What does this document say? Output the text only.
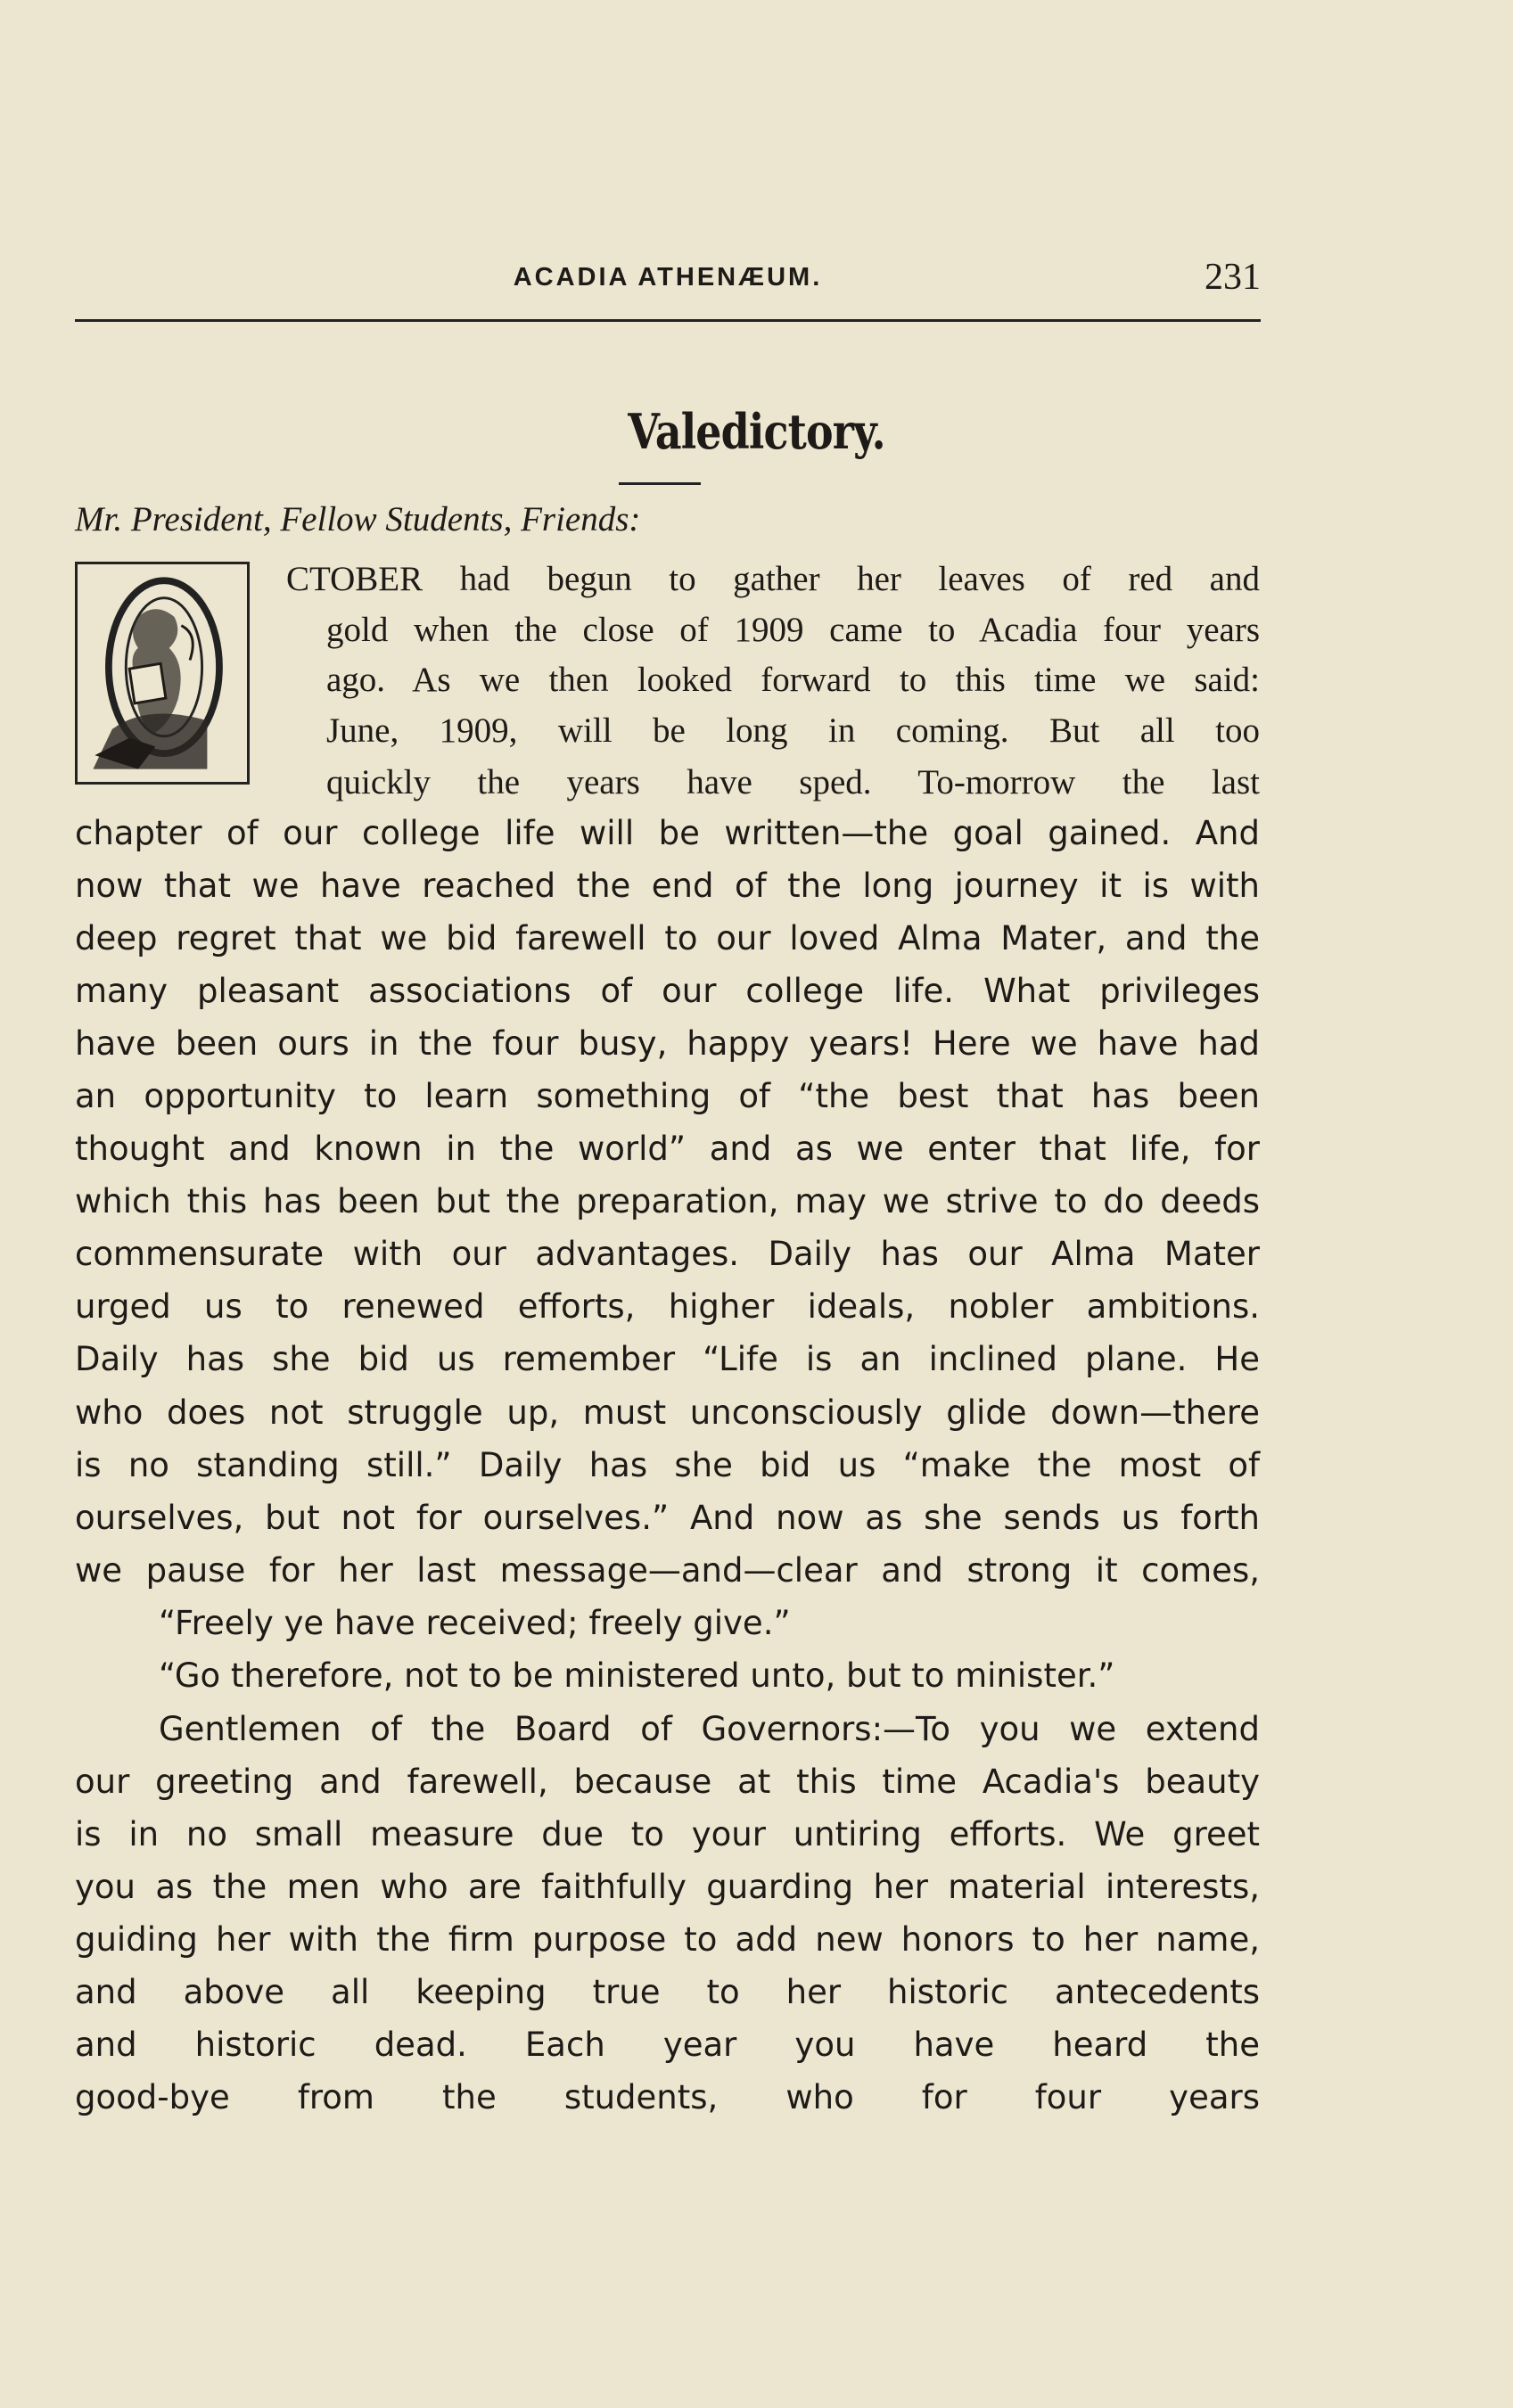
ACADIA ATHENÆUM.	231
Valedictory.
Mr. President, Fellow Students, Friends:
CTOBER had begun to gather her leaves of red and
gold when the close of 1909 came to Acadia four years
ago. As we then looked forward to this time we said:
June, 1909, will be long in coming. But all too
quickly the years have sped. To-morrow the last
chapter of our college life will be written—the goal gained. And
now that we have reached the end of the long journey it is with
deep regret that we bid farewell to our loved Alma Mater, and the
many pleasant associations of our college life. What privileges
have been ours in the four busy, happy years! Here we have had
an opportunity to learn something of “the best that has been
thought and known in the world” and as we enter that life, for
which this has been but the preparation, may we strive to do deeds
commensurate with our advantages. Daily has our Alma Mater
urged us to renewed efforts, higher ideals, nobler ambitions.
Daily has she bid us remember “Life is an inclined plane. He
who does not struggle up, must unconsciously glide down—there
is no standing still.” Daily has she bid us “make the most of
ourselves, but not for ourselves.” And now as she sends us forth
we pause for her last message—and—clear and strong it comes,
“Freely ye have received; freely give.”
“Go therefore, not to be ministered unto, but to minister.”
Gentlemen of the Board of Governors:—To you we extend
our greeting and farewell, because at this time Acadia's beauty
is in no small measure due to your untiring efforts. We greet
you as the men who are faithfully guarding her material interests,
guiding her with the firm purpose to add new honors to her name,
and above all keeping true to her historic antecedents
and historic dead. Each year you have heard the
good-bye from the students, who for four years
